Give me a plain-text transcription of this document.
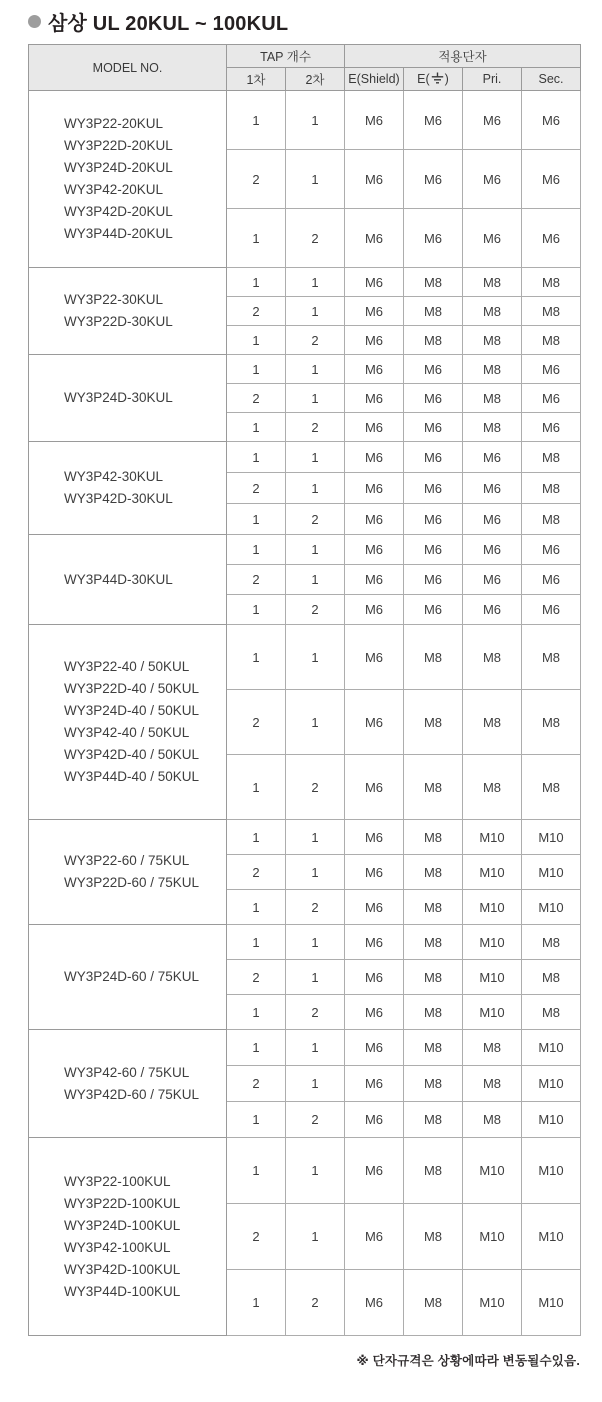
삼상 UL 20KUL ~ 100KUL
MODEL NO.	TAP 개수		적용단자			
	1차	2차	E(Shield)	E( )	Pri.	Sec.

WY3P22-20KUL
WY3P22D-20KUL
WY3P24D-20KUL
WY3P42-20KUL
WY3P42D-20KUL
WY3P44D-20KUL
	1	1	M6	M6	M6	M6
	2	1	M6	M6	M6	M6
	1	2	M6	M6	M6	M6

WY3P22-30KUL
WY3P22D-30KUL	1	1	M6	M8	M8	M8
	2	1	M6	M8	M8	M8
	1	2	M6	M8	M8	M8

WY3P24D-30KUL	1	1	M6	M6	M8	M6
	2	1	M6	M6	M8	M6
	1	2	M6	M6	M8	M6

WY3P42-30KUL
WY3P42D-30KUL	1	1	M6	M6	M6	M8
	2	1	M6	M6	M6	M8
	1	2	M6	M6	M6	M8

WY3P44D-30KUL	1	1	M6	M6	M6	M6
	2	1	M6	M6	M6	M6
	1	2	M6	M6	M6	M6

WY3P22-40 / 50KUL
WY3P22D-40 / 50KUL
WY3P24D-40 / 50KUL
WY3P42-40 / 50KUL
WY3P42D-40 / 50KUL
WY3P44D-40 / 50KUL
	1	1	M6	M8	M8	M8
	2	1	M6	M8	M8	M8
	1	2	M6	M8	M8	M8

WY3P22-60 / 75KUL
WY3P22D-60 / 75KUL	1	1	M6	M8	M10	M10
	2	1	M6	M8	M10	M10
	1	2	M6	M8	M10	M10

WY3P24D-60 / 75KUL	1	1	M6	M8	M10	M8
	2	1	M6	M8	M10	M8
	1	2	M6	M8	M10	M8

WY3P42-60 / 75KUL
WY3P42D-60 / 75KUL	1	1	M6	M8	M8	M10
	2	1	M6	M8	M8	M10
	1	2	M6	M8	M8	M10

WY3P22-100KUL
WY3P22D-100KUL
WY3P24D-100KUL
WY3P42-100KUL
WY3P42D-100KUL
WY3P44D-100KUL
	1	1	M6	M8	M10	M10
	2	1	M6	M8	M10	M10
	1	2	M6	M8	M10	M10
※ 단자규격은 상황에따라 변동될수있음.
